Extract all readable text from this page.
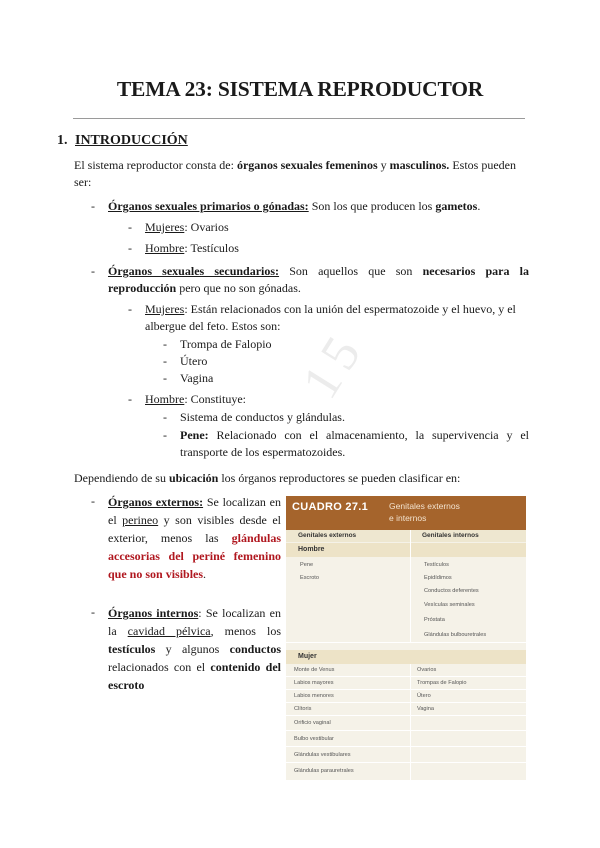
TEMA 23: SISTEMA REPRODUCTOR
15
1. INTRODUCCIÓN
El sistema reproductor consta de: órganos sexuales femeninos y masculinos. Estos pueden ser:
- Órganos sexuales primarios o gónadas: Son los que producen los gametos.
- Mujeres: Ovarios
- Hombre: Testículos
- Órganos sexuales secundarios: Son aquellos que son necesarios para la reproducción pero que no son gónadas.
- Mujeres: Están relacionados con la unión del espermatozoide y el huevo, y el albergue del feto. Estos son:
- Trompa de Falopio
- Útero
- Vagina
- Hombre: Constituye:
- Sistema de conductos y glándulas.
- Pene: Relacionado con el almacenamiento, la supervivencia y el transporte de los espermatozoides.
Dependiendo de su ubicación los órganos reproductores se pueden clasificar en:
- Órganos externos: Se localizan en el perineo y son visibles desde el exterior, menos las glándulas accesorias del periné femenino que no son visibles.
- Órganos internos: Se localizan en la cavidad pélvica, menos los testículos y algunos conductos relacionados con el contenido del escroto
CUADRO 27.1 Genitales externos
e internos
Genitales externos	Genitales internos
Hombre
Pene
Escroto
Testículos
Epidídimos
Conductos deferentes
Vesículas seminales
Próstata
Glándulas bulbouretrales
Mujer
Monte de Venus
Labios mayores
Labios menores
Clítoris
Orificio vaginal
Bulbo vestibular
Glándulas vestibulares
Glándulas parauretrales
Ovarios
Trompas de Falopio
Útero
Vagina
